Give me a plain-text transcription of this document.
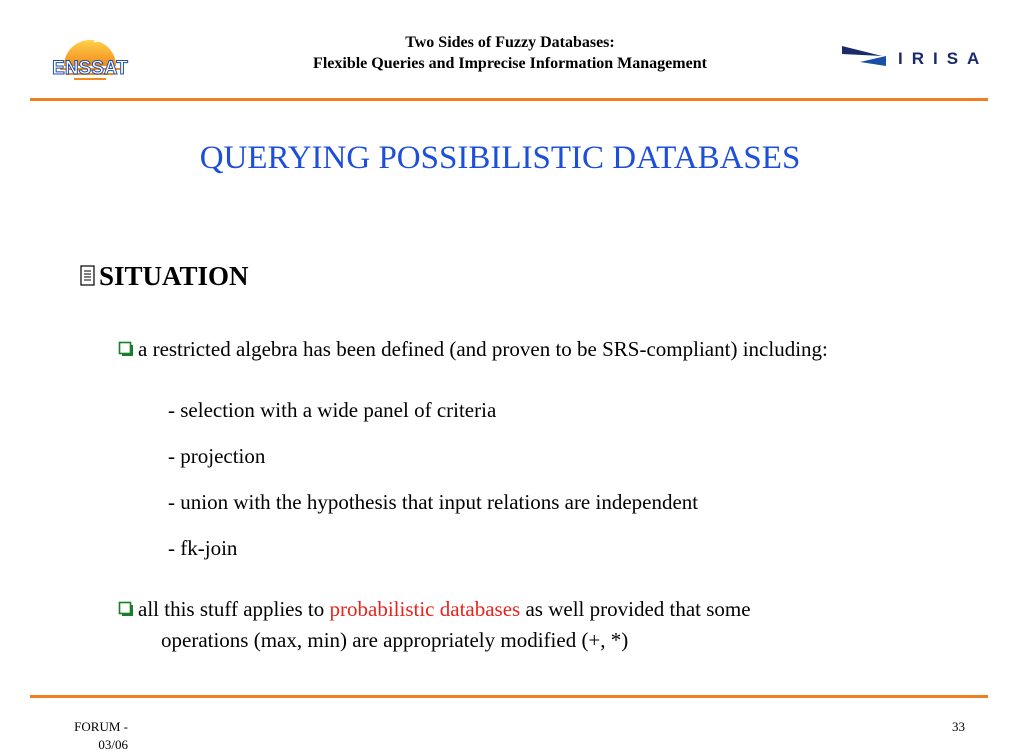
ENSSAT
Two Sides of Fuzzy Databases:
Flexible Queries and Imprecise Information Management	IRISA
QUERYING POSSIBILISTIC DATABASES
SITUATION
a restricted algebra has been defined (and proven to be SRS-compliant) including:
- selection with a wide panel of criteria
- projection
- union with the hypothesis that input relations are independent
- fk-join
all this stuff applies to probabilistic databases as well provided that some
operations (max, min) are appropriately modified (+, *)
FORUM -
03/06
33
